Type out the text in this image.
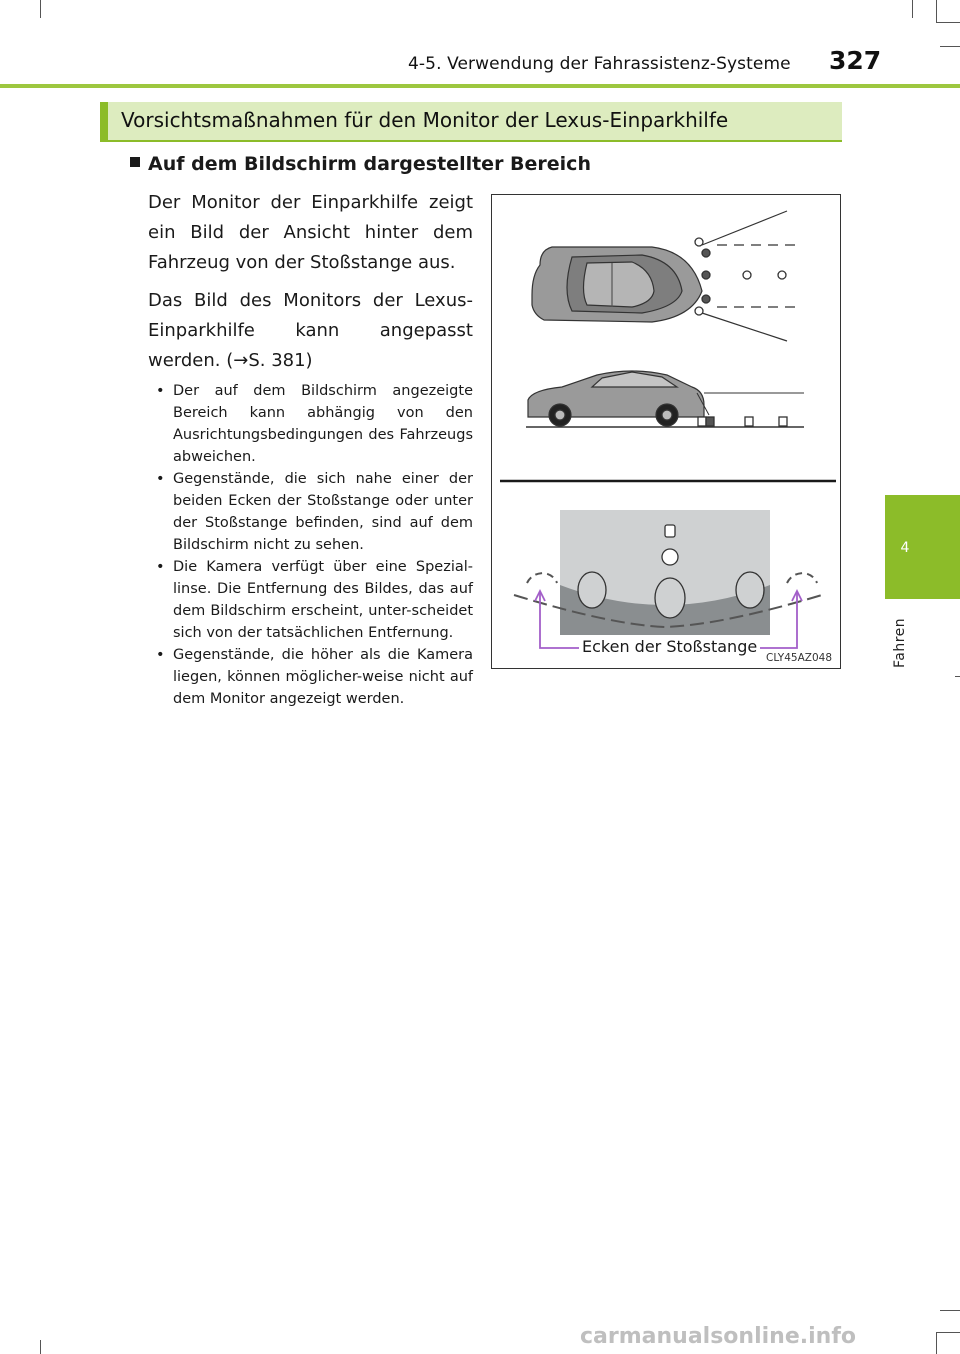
4-5. Verwendung der Fahrassistenz-Systeme 327
Vorsichtsmaßnahmen für den Monitor der Lexus-Einparkhilfe
Auf dem Bildschirm dargestellter Bereich
Der Monitor der Einparkhilfe zeigt ein Bild der Ansicht hinter dem Fahrzeug von der Stoßstange aus.
Das Bild des Monitors der Lexus-Einparkhilfe kann angepasst werden. (→S. 381)
• Der auf dem Bildschirm angezeigte Bereich kann abhängig von den Ausrichtungsbedingungen des Fahrzeugs abweichen.
• Gegenstände, die sich nahe einer der beiden Ecken der Stoßstange oder unter der Stoßstange befinden, sind auf dem Bildschirm nicht zu sehen.
• Die Kamera verfügt über eine Spezial-linse. Die Entfernung des Bildes, das auf dem Bildschirm erscheint, unter-scheidet sich von der tatsächlichen Entfernung.
• Gegenstände, die höher als die Kamera liegen, können möglicher-weise nicht auf dem Monitor angezeigt werden.
Ecken der Stoßstange
CLY45AZ048
4
Fahren
carmanualsonline.info
